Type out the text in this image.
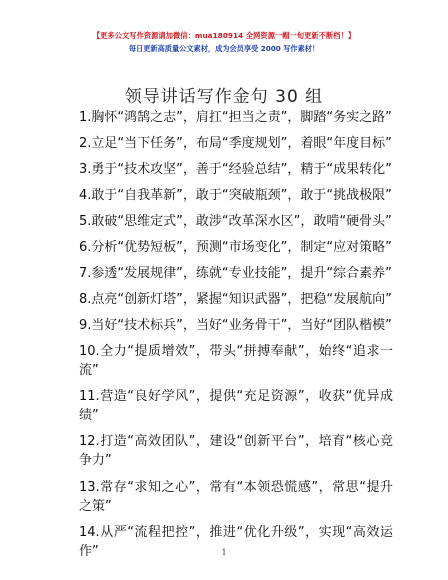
【更多公文写作资源请加微信：mua180914 全网资源一帽一旬更新不断档！】
每日更新高质量公文素材，成为会员享受 2000 写作素材！
领导讲话写作金句 30 组

1.胸怀“鸿鹄之志”，肩扛“担当之责”，脚踏“务实之路”

2.立足“当下任务”，布局“季度规划”，着眼“年度目标”

3.勇于“技术攻坚”，善于“经验总结”，精于“成果转化”

4.敢于“自我革新”，敢于“突破瓶颈”，敢于“挑战极限”

5.敢破“思维定式”，敢涉“改革深水区”，敢啃“硬骨头”

6.分析“优势短板”，预测“市场变化”，制定“应对策略”

7.参透“发展规律”，练就“专业技能”，提升“综合素养”

8.点亮“创新灯塔”，紧握“知识武器”，把稳“发展航向”

9.当好“技术标兵”，当好“业务骨干”，当好“团队楷模”

10.全力“提质增效”，带头“拼搏奉献”，始终“追求一流”

11.营造“良好学风”，提供“充足资源”，收获“优异成绩”

12.打造“高效团队”，建设“创新平台”，培育“核心竞争力”

13.常存“求知之心”，常有“本领恐慌感”，常思“提升之策”

14.从严“流程把控”，推进“优化升级”，实现“高效运作”	1
